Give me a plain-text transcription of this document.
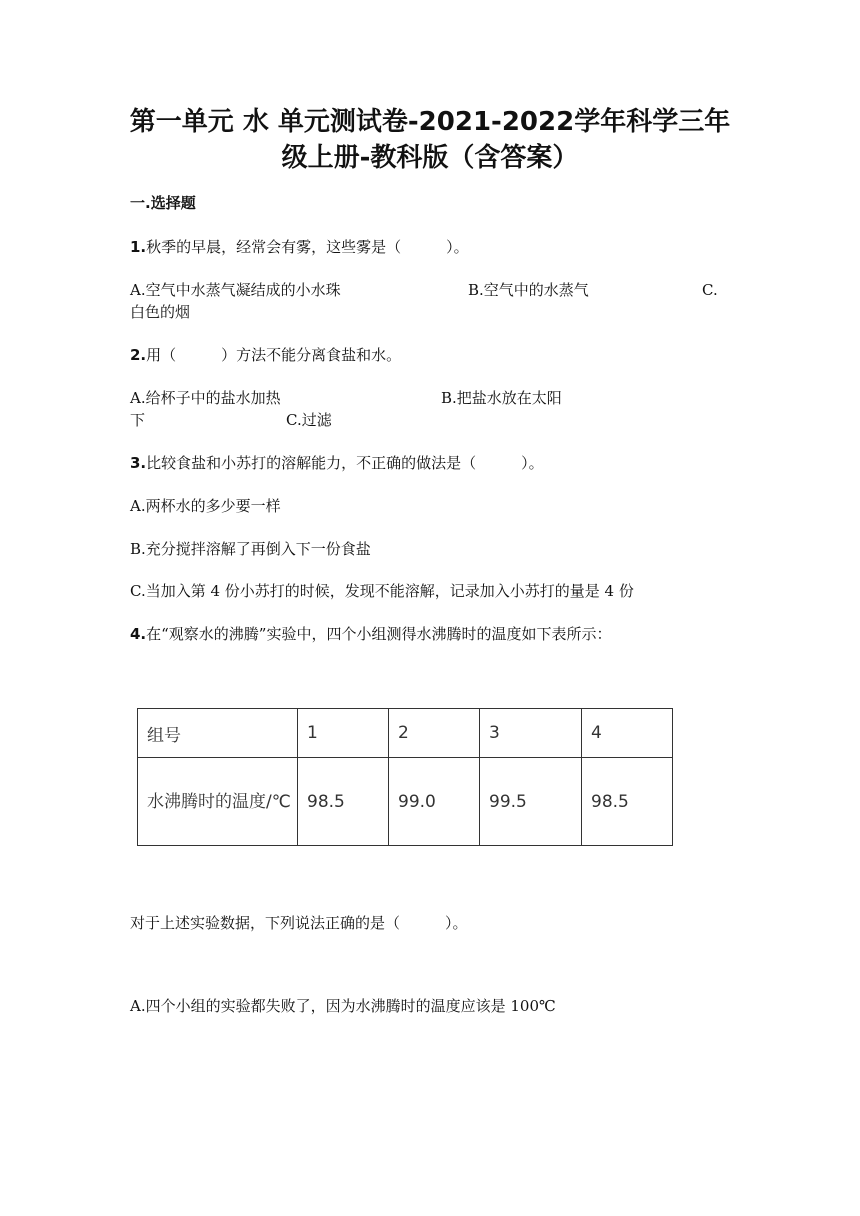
第一单元 水 单元测试卷-2021-2022学年科学三年
级上册-教科版（含答案）
一.选择题
1.秋季的早晨，经常会有雾，这些雾是（　　　）。
A.空气中水蒸气凝结成的小水珠	B.空气中的水蒸气	C.
白色的烟
2.用（　　　）方法不能分离食盐和水。
A.给杯子中的盐水加热	B.把盐水放在太阳
下	C.过滤
3.比较食盐和小苏打的溶解能力，不正确的做法是（　　　）。
A.两杯水的多少要一样
B.充分搅拌溶解了再倒入下一份食盐
C.当加入第 4 份小苏打的时候，发现不能溶解，记录加入小苏打的量是 4 份
4.在“观察水的沸腾”实验中，四个小组测得水沸腾时的温度如下表所示：
组号	1	2	3	4
水沸腾时的温度/℃	98.5	99.0	99.5	98.5
对于上述实验数据，下列说法正确的是（　　　）。
A.四个小组的实验都失败了，因为水沸腾时的温度应该是 100℃
